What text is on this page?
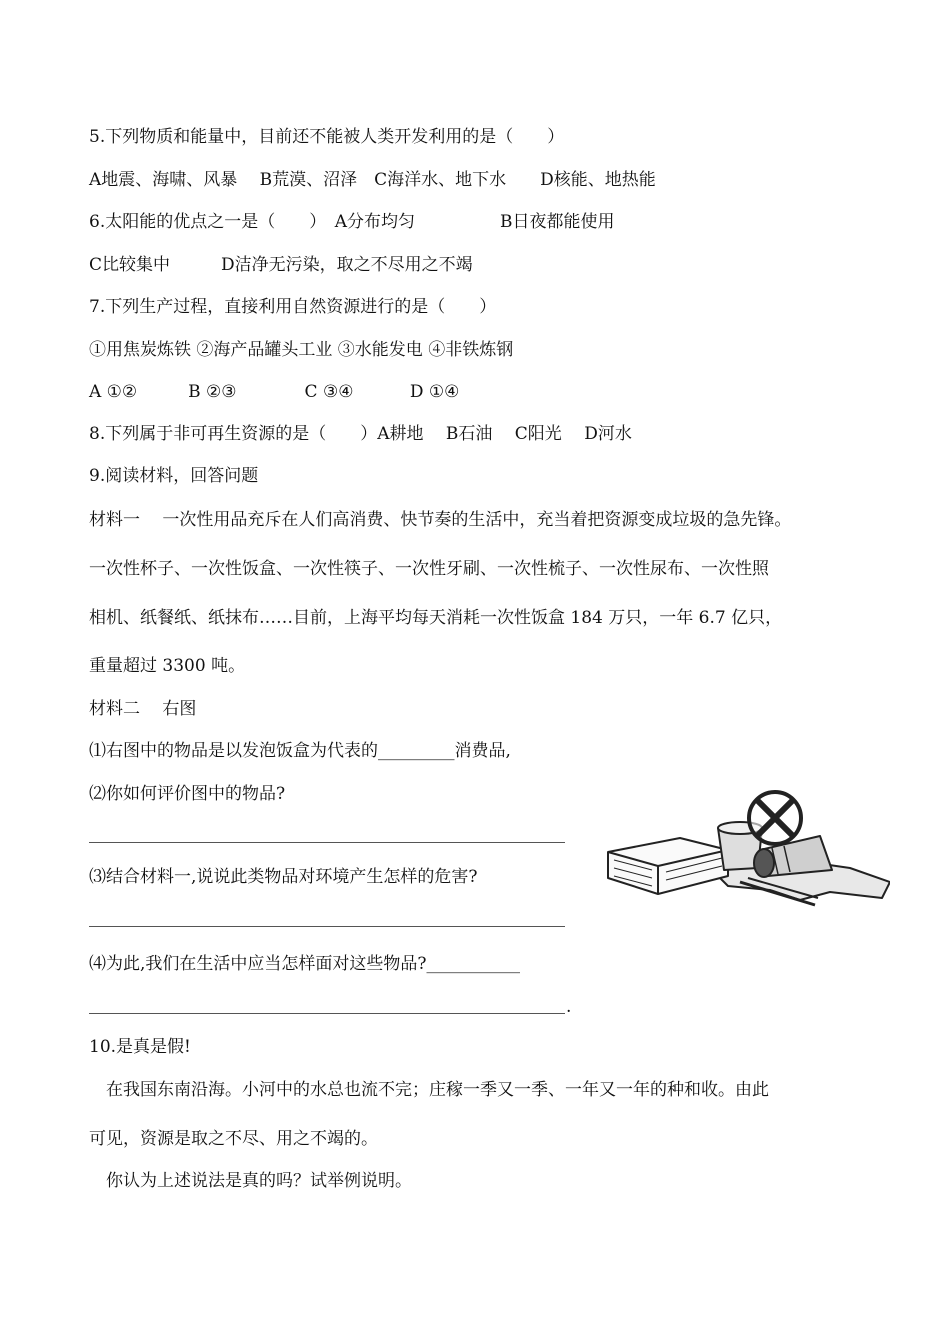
5.下列物质和能量中，目前还不能被人类开发利用的是（　　）
A地震、海啸、风暴　 B荒漠、沼泽　C海洋水、地下水　　D核能、地热能
6.太阳能的优点之一是（　　）　A分布均匀　　　　　B日夜都能使用
C比较集中　　　D洁净无污染，取之不尽用之不竭
7.下列生产过程，直接利用自然资源进行的是（　　）
①用焦炭炼铁 ②海产品罐头工业 ③水能发电 ④非铁炼钢
A ①②　　　B ②③　　　　C ③④　　　 D ①④
8.下列属于非可再生资源的是（　　）A耕地　 B石油　 C阳光　 D河水
9.阅读材料，回答问题
材料一　 一次性用品充斥在人们高消费、快节奏的生活中，充当着把资源变成垃圾的急先锋。
一次性杯子、一次性饭盒、一次性筷子、一次性牙刷、一次性梳子、一次性尿布、一次性照
相机、纸餐纸、纸抹布……目前，上海平均每天消耗一次性饭盒 184 万只，一年 6.7 亿只，
重量超过 3300 吨。
材料二　 右图
⑴右图中的物品是以发泡饭盒为代表的_________消费品,
⑵你如何评价图中的物品?
⑶结合材料一,说说此类物品对环境产生怎样的危害?
⑷为此,我们在生活中应当怎样面对这些物品?___________
.
10.是真是假!
　在我国东南沿海。小河中的水总也流不完；庄稼一季又一季、一年又一年的种和收。由此
可见，资源是取之不尽、用之不竭的。
　你认为上述说法是真的吗？试举例说明。
